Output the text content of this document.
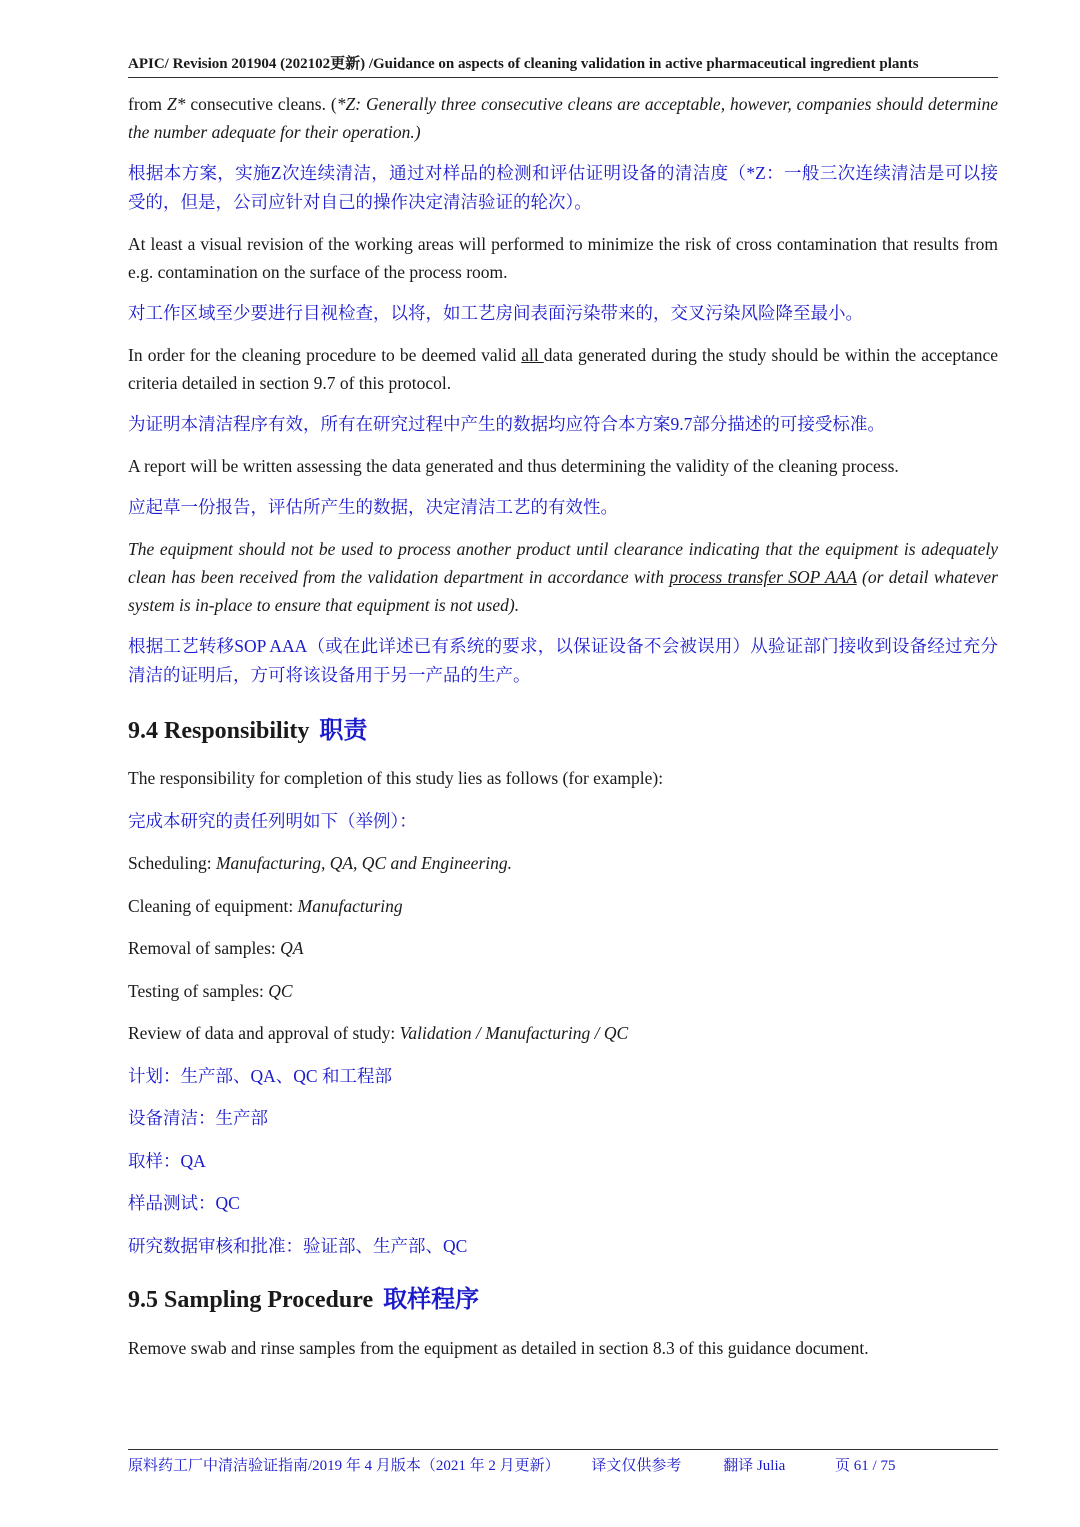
APIC/ Revision 201904 (202102更新) /Guidance on aspects of cleaning validation in active pharmaceutical ingredient plants

from Z* consecutive cleans. (*Z: Generally three consecutive cleans are acceptable, however, companies should determine the number adequate for their operation.)

根据本方案，实施Z次连续清洁，通过对样品的检测和评估证明设备的清洁度（*Z：一般三次连续清洁是可以接受的，但是，公司应针对自己的操作决定清洁验证的轮次）。

At least a visual revision of the working areas will performed to minimize the risk of cross contamination that results from e.g. contamination on the surface of the process room.

对工作区域至少要进行目视检查，以将，如工艺房间表面污染带来的，交叉污染风险降至最小。

In order for the cleaning procedure to be deemed valid all data generated during the study should be within the acceptance criteria detailed in section 9.7 of this protocol.

为证明本清洁程序有效，所有在研究过程中产生的数据均应符合本方案9.7部分描述的可接受标准。

A report will be written assessing the data generated and thus determining the validity of the cleaning process.

应起草一份报告，评估所产生的数据，决定清洁工艺的有效性。

The equipment should not be used to process another product until clearance indicating that the equipment is adequately clean has been received from the validation department in accordance with process transfer SOP AAA (or detail whatever system is in-place to ensure that equipment is not used).

根据工艺转移SOP AAA（或在此详述已有系统的要求，以保证设备不会被误用）从验证部门接收到设备经过充分清洁的证明后，方可将该设备用于另一产品的生产。

9.4 Responsibility 职责

The responsibility for completion of this study lies as follows (for example):

完成本研究的责任列明如下（举例）：

Scheduling: Manufacturing, QA, QC and Engineering.

Cleaning of equipment: Manufacturing

Removal of samples: QA

Testing of samples: QC

Review of data and approval of study: Validation / Manufacturing / QC

计划：生产部、QA、QC 和工程部

设备清洁：生产部

取样：QA

样品测试：QC

研究数据审核和批准：验证部、生产部、QC

9.5 Sampling Procedure 取样程序

Remove swab and rinse samples from the equipment as detailed in section 8.3 of this guidance document.

原料药工厂中清洁验证指南/2019 年 4 月版本（2021 年 2 月更新） 译文仅供参考	翻译 Julia	页 61 / 75
